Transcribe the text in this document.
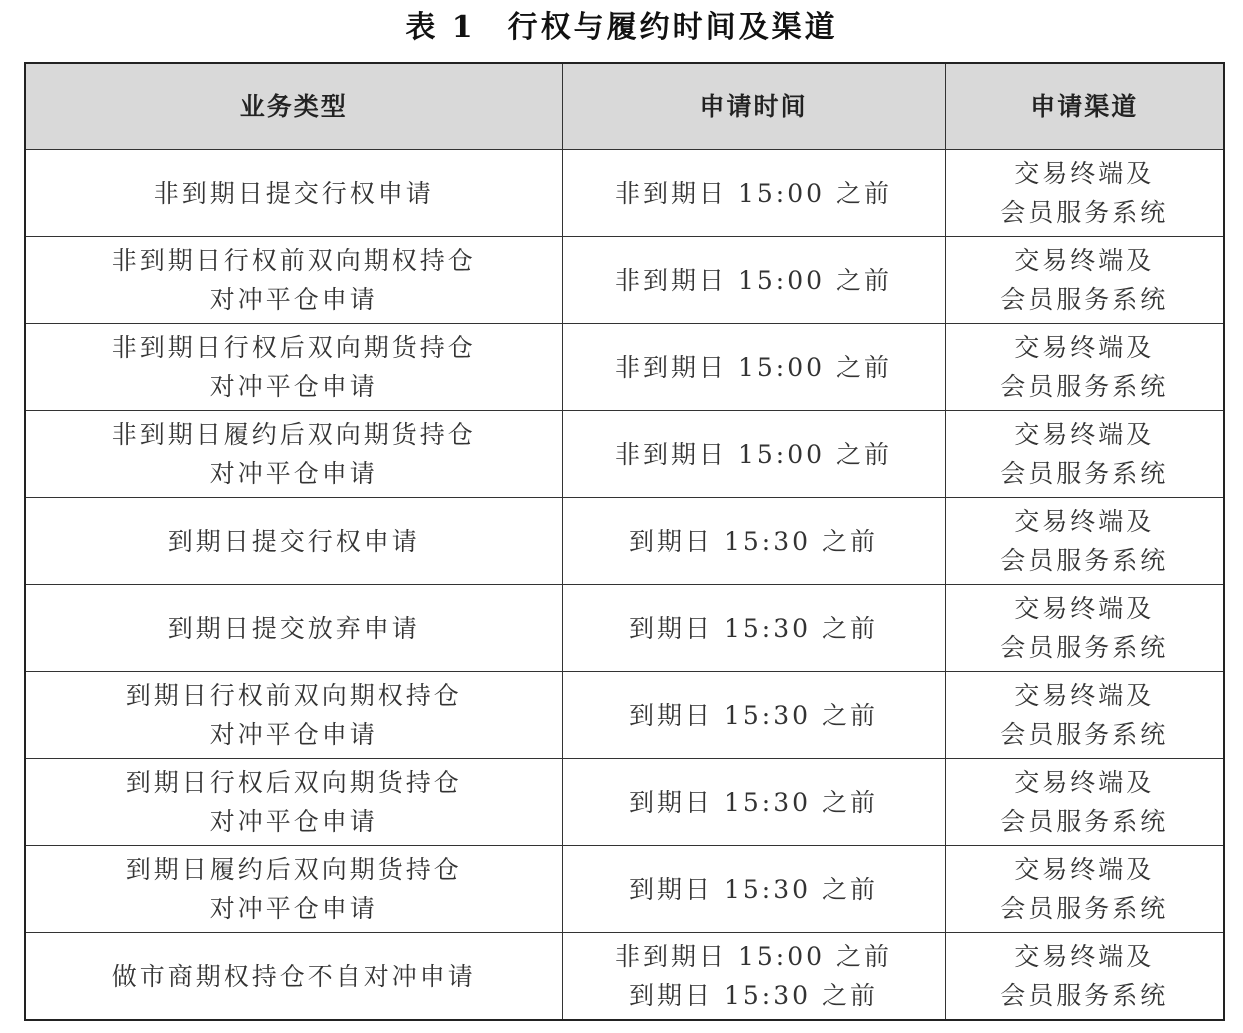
表 1 行权与履约时间及渠道
业务类型	申请时间	申请渠道

非到期日提交行权申请	非到期日 15:00 之前	交易终端及
会员服务系统

非到期日行权前双向期权持仓
对冲平仓申请	非到期日 15:00 之前	交易终端及
会员服务系统

非到期日行权后双向期货持仓
对冲平仓申请	非到期日 15:00 之前	交易终端及
会员服务系统

非到期日履约后双向期货持仓
对冲平仓申请	非到期日 15:00 之前	交易终端及
会员服务系统

到期日提交行权申请	到期日 15:30 之前	交易终端及
会员服务系统

到期日提交放弃申请	到期日 15:30 之前	交易终端及
会员服务系统

到期日行权前双向期权持仓
对冲平仓申请	到期日 15:30 之前	交易终端及
会员服务系统

到期日行权后双向期货持仓
对冲平仓申请	到期日 15:30 之前	交易终端及
会员服务系统

到期日履约后双向期货持仓
对冲平仓申请	到期日 15:30 之前	交易终端及
会员服务系统

做市商期权持仓不自对冲申请	非到期日 15:00 之前
到期日 15:30 之前	交易终端及
会员服务系统
